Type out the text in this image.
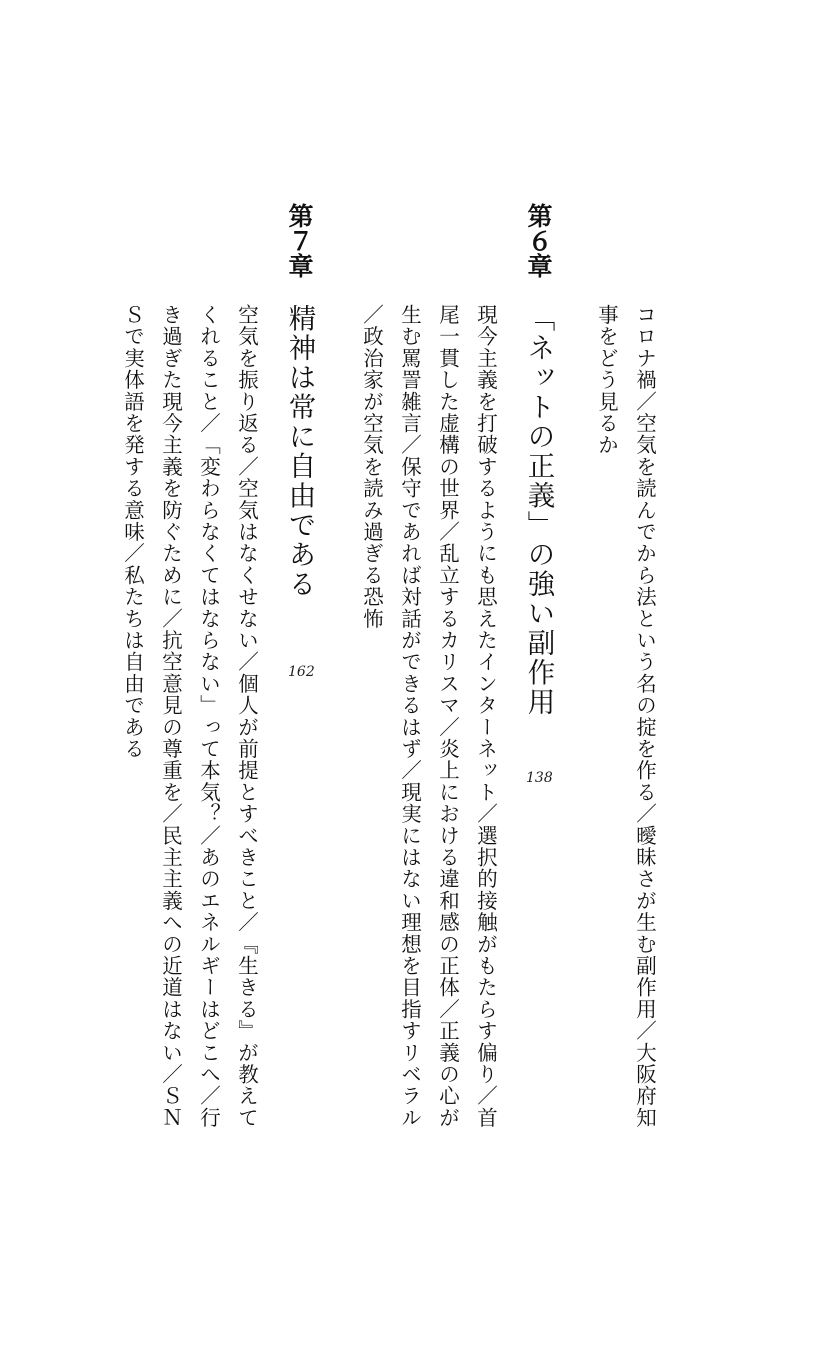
コロナ禍／空気を読んでから法という名の掟を作る／曖昧さが生む副作用／大阪府知
事をどう見るか
第６章
「ネットの正義」の強い副作用
138
現今主義を打破するようにも思えたインターネット／選択的接触がもたらす偏り／首
尾一貫した虚構の世界／乱立するカリスマ／炎上における違和感の正体／正義の心が
生む罵詈雑言／保守であれば対話ができるはず／現実にはない理想を目指すリベラル
／政治家が空気を読み過ぎる恐怖
第７章
精神は常に自由である
162
空気を振り返る／空気はなくせない／個人が前提とすべきこと／『生きる』が教えて
くれること／「変わらなくてはならない」って本気？／あのエネルギーはどこへ／行
き過ぎた現今主義を防ぐために／抗空意見の尊重を／民主主義への近道はない／ＳＮ
Ｓで実体語を発する意味／私たちは自由である
